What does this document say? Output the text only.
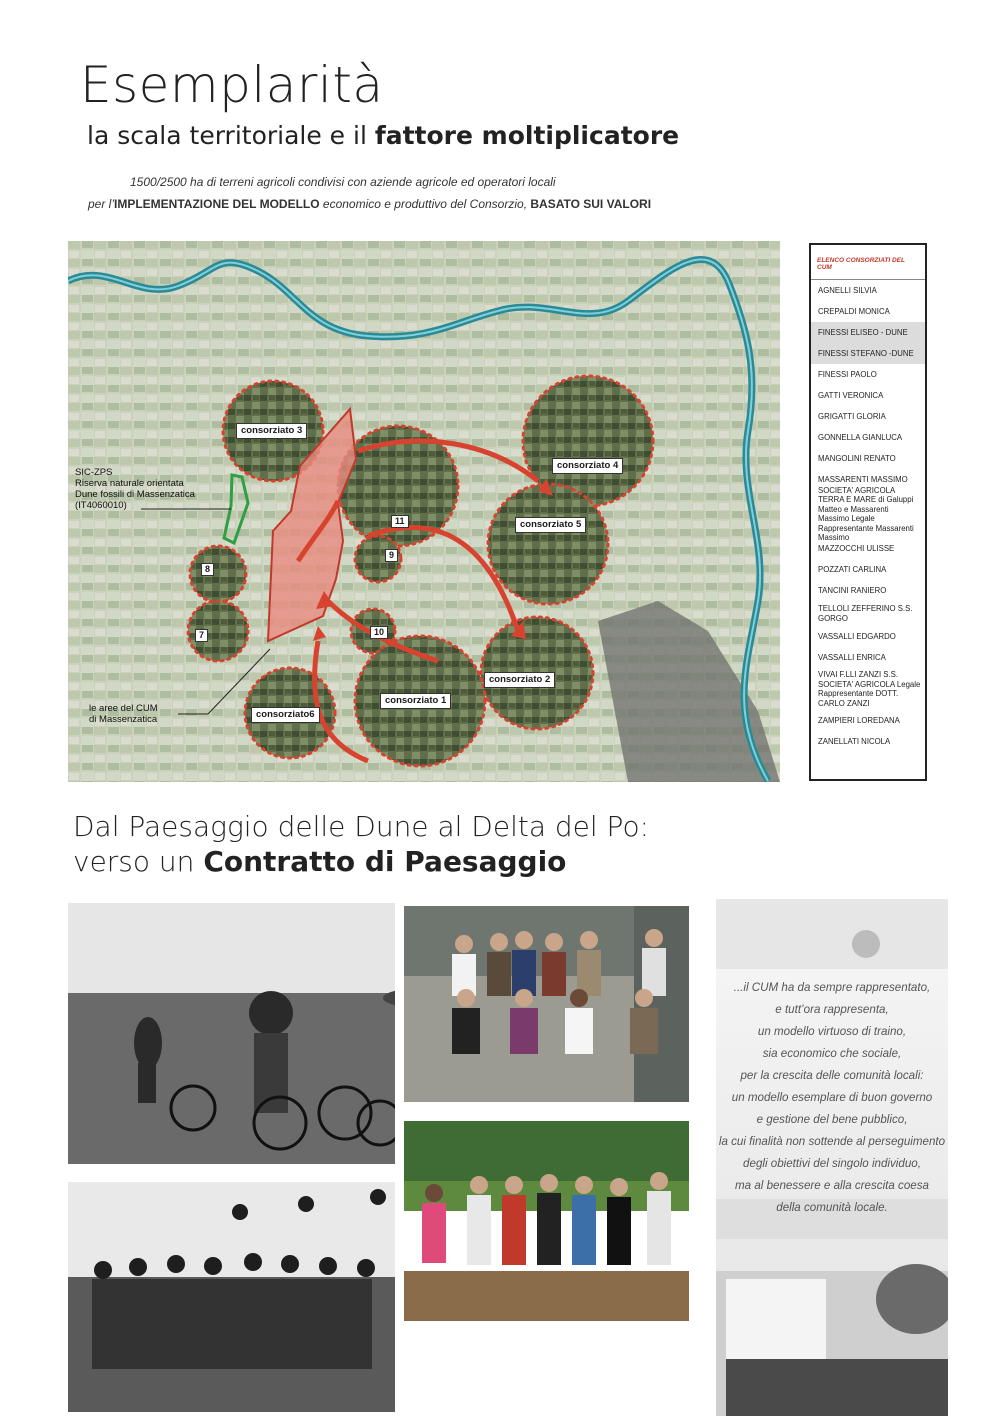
Esemplarità
la scala territoriale e il fattore moltiplicatore
1500/2500 ha di terreni agricoli condivisi con aziende agricole ed operatori locali
per l’IMPLEMENTAZIONE DEL MODELLO economico e produttivo del Consorzio, BASATO SUI VALORI
consorziato 3
consorziato 4
consorziato 5
consorziato 2
consorziato 1
consorziato6
8
7
9
10
11
SIC-ZPS
Riserva naturale orientata
Dune fossili di Massenzatica
(IT4060010)
le aree del CUM
di Massenzatica
ELENCO CONSORZIATI DEL CUM
AGNELLI SILVIA
CREPALDI MONICA
FINESSI ELISEO - DUNE
FINESSI STEFANO -DUNE
FINESSI PAOLO
GATTI VERONICA
GRIGATTI GLORIA
GONNELLA GIANLUCA
MANGOLINI RENATO
MASSARENTI MASSIMO
SOCIETA' AGRICOLA TERRA E MARE di Galuppi Matteo e Massarenti Massimo Legale Rappresentante Massarenti Massimo
MAZZOCCHI ULISSE
POZZATI CARLINA
TANCINI RANIERO
TELLOLI ZEFFERINO S.S. GORGO
VASSALLI EDGARDO
VASSALLI ENRICA
VIVAI F.LLI ZANZI S.S. SOCIETA' AGRICOLA Legale Rappresentante DOTT. CARLO ZANZI
ZAMPIERI LOREDANA
ZANELLATI NICOLA
Dal Paesaggio delle Dune al Delta del Po:
verso un Contratto di Paesaggio
...il CUM ha da sempre rappresentato,
e tutt’ora rappresenta,
un modello virtuoso di traino,
sia economico che sociale,
per la crescita delle comunità locali:
un modello esemplare di buon governo
e gestione del bene pubblico,
la cui finalità non sottende al perseguimento
degli obiettivi del singolo individuo,
ma al benessere e alla crescita coesa
della comunità locale.
